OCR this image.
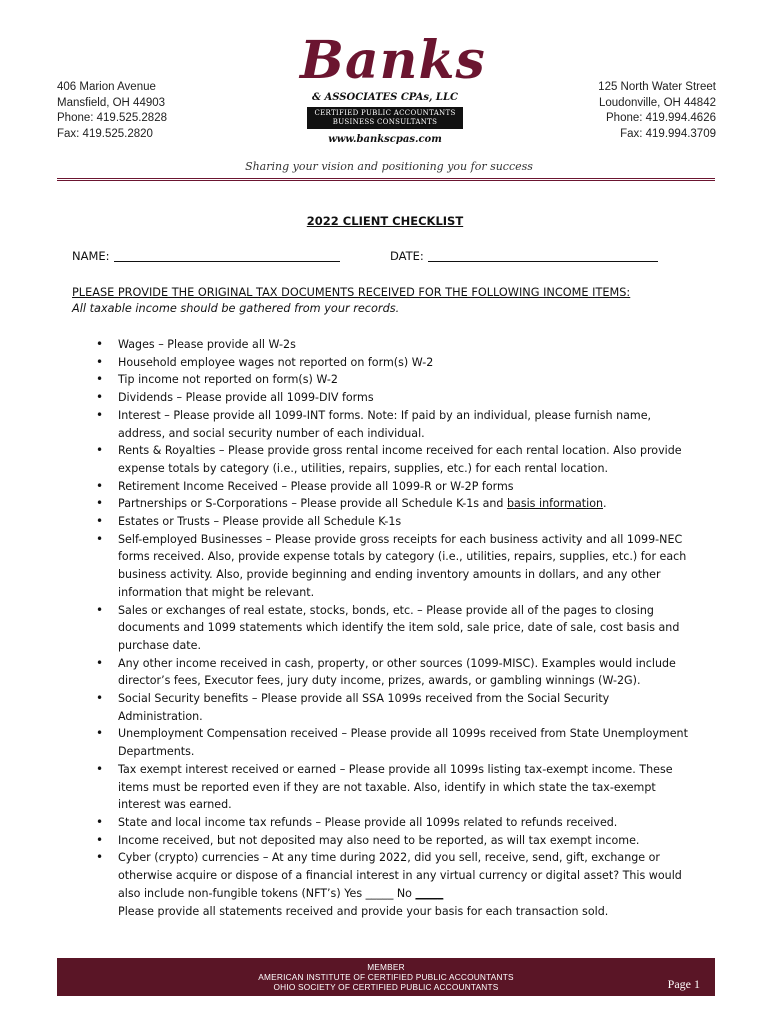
406 Marion Avenue
Mansfield, OH 44903
Phone: 419.525.2828
Fax: 419.525.2820
Banks
& ASSOCIATES CPAs, LLC
CERTIFIED PUBLIC ACCOUNTANTS
BUSINESS CONSULTANTS
www.bankscpas.com
125 North Water Street
Loudonville, OH 44842
Phone: 419.994.4626
Fax: 419.994.3709
Sharing your vision and positioning you for success
2022 CLIENT CHECKLIST
NAME:	DATE:
PLEASE PROVIDE THE ORIGINAL TAX DOCUMENTS RECEIVED FOR THE FOLLOWING INCOME ITEMS:
All taxable income should be gathered from your records.
• Wages – Please provide all W-2s
• Household employee wages not reported on form(s) W-2
• Tip income not reported on form(s) W-2
• Dividends – Please provide all 1099-DIV forms
• Interest – Please provide all 1099-INT forms. Note: If paid by an individual, please furnish name, address, and social security number of each individual.
• Rents & Royalties – Please provide gross rental income received for each rental location. Also provide expense totals by category (i.e., utilities, repairs, supplies, etc.) for each rental location.
• Retirement Income Received – Please provide all 1099-R or W-2P forms
• Partnerships or S-Corporations – Please provide all Schedule K-1s and basis information.
• Estates or Trusts – Please provide all Schedule K-1s
• Self-employed Businesses – Please provide gross receipts for each business activity and all 1099-NEC forms received. Also, provide expense totals by category (i.e., utilities, repairs, supplies, etc.) for each business activity. Also, provide beginning and ending inventory amounts in dollars, and any other information that might be relevant.
• Sales or exchanges of real estate, stocks, bonds, etc. – Please provide all of the pages to closing documents and 1099 statements which identify the item sold, sale price, date of sale, cost basis and purchase date.
• Any other income received in cash, property, or other sources (1099-MISC). Examples would include director’s fees, Executor fees, jury duty income, prizes, awards, or gambling winnings (W-2G).
• Social Security benefits – Please provide all SSA 1099s received from the Social Security Administration.
• Unemployment Compensation received – Please provide all 1099s received from State Unemployment Departments.
• Tax exempt interest received or earned – Please provide all 1099s listing tax-exempt income. These items must be reported even if they are not taxable. Also, identify in which state the tax-exempt interest was earned.
• State and local income tax refunds – Please provide all 1099s related to refunds received.
• Income received, but not deposited may also need to be reported, as will tax exempt income.
• Cyber (crypto) currencies – At any time during 2022, did you sell, receive, send, gift, exchange or otherwise acquire or dispose of a financial interest in any virtual currency or digital asset? This would also include non-fungible tokens (NFT’s) Yes _____ No _____
Please provide all statements received and provide your basis for each transaction sold.
MEMBER
AMERICAN INSTITUTE OF CERTIFIED PUBLIC ACCOUNTANTS
OHIO SOCIETY OF CERTIFIED PUBLIC ACCOUNTANTS	Page 1
